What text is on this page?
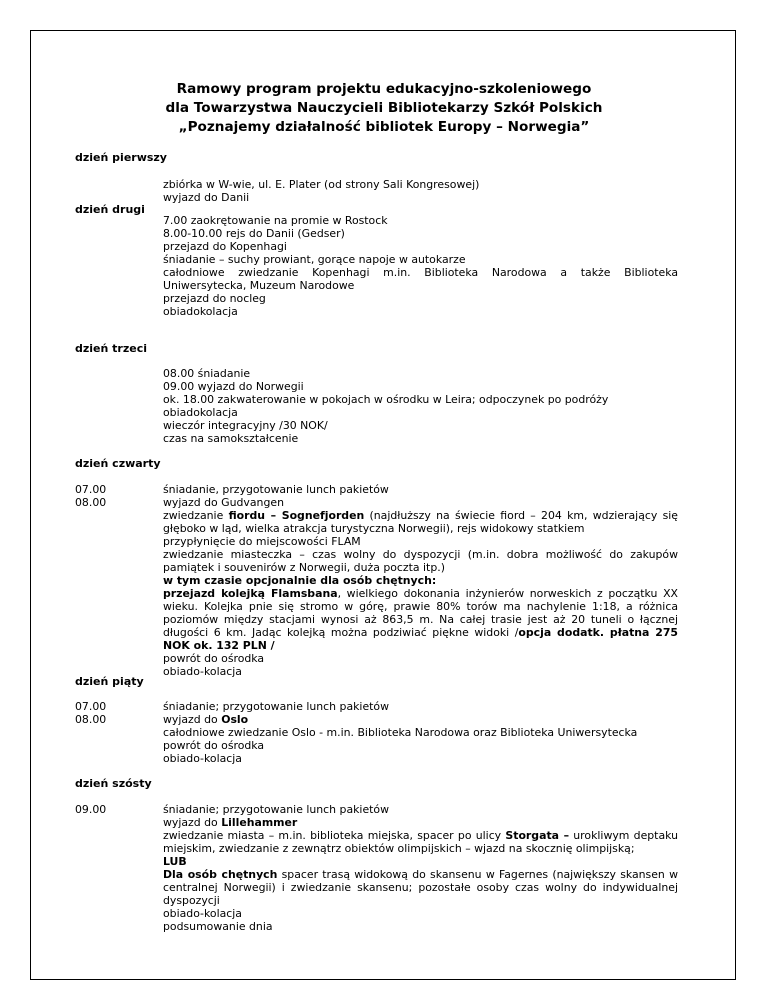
Ramowy program projektu edukacyjno-szkoleniowego
dla Towarzystwa Nauczycieli Bibliotekarzy Szkół Polskich
„Poznajemy działalność bibliotek Europy – Norwegia”
dzień pierwszy
zbiórka w W-wie, ul. E. Plater (od strony Sali Kongresowej)
wyjazd do Danii
dzień drugi
7.00 zaokrętowanie na promie w Rostock
8.00-10.00 rejs do Danii (Gedser)
przejazd do Kopenhagi
śniadanie – suchy prowiant, gorące napoje w autokarze
całodniowe zwiedzanie Kopenhagi m.in. Biblioteka Narodowa a także Biblioteka Uniwersytecka, Muzeum Narodowe
przejazd do nocleg
obiadokolacja
dzień trzeci
08.00 śniadanie
09.00 wyjazd do Norwegii
ok. 18.00 zakwaterowanie w pokojach w ośrodku w Leira; odpoczynek po podróży
obiadokolacja
wieczór integracyjny /30 NOK/
czas na samokształcenie
dzień czwarty
07.00
08.00
śniadanie, przygotowanie lunch pakietów
wyjazd do Gudvangen
zwiedzanie fiordu – Sognefjorden (najdłuższy na świecie fiord – 204 km, wdzierający się głęboko w ląd, wielka atrakcja turystyczna Norwegii), rejs widokowy statkiem
przypłynięcie do miejscowości FLAM
zwiedzanie miasteczka – czas wolny do dyspozycji (m.in. dobra możliwość do zakupów pamiątek i souvenirów z Norwegii, duża poczta itp.)
w tym czasie opcjonalnie dla osób chętnych:
przejazd kolejką Flamsbana, wielkiego dokonania inżynierów norweskich z początku XX wieku. Kolejka pnie się stromo w górę, prawie 80% torów ma nachylenie 1:18, a różnica poziomów między stacjami wynosi aż 863,5 m. Na całej trasie jest aż 20 tuneli o łącznej długości 6 km. Jadąc kolejką można podziwiać piękne widoki /opcja dodatk. płatna 275 NOK ok. 132 PLN /
powrót do ośrodka
obiado-kolacja
dzień piąty
07.00
08.00
śniadanie; przygotowanie lunch pakietów
wyjazd do Oslo
całodniowe zwiedzanie Oslo - m.in. Biblioteka Narodowa oraz Biblioteka Uniwersytecka
powrót do ośrodka
obiado-kolacja
dzień szósty
09.00	śniadanie; przygotowanie lunch pakietów
wyjazd do Lillehammer
zwiedzanie miasta – m.in. biblioteka miejska, spacer po ulicy Storgata – urokliwym deptaku miejskim, zwiedzanie z zewnątrz obiektów olimpijskich – wjazd na skocznię olimpijską;
LUB
Dla osób chętnych spacer trasą widokową do skansenu w Fagernes (największy skansen w centralnej Norwegii) i zwiedzanie skansenu; pozostałe osoby czas wolny do indywidualnej dyspozycji
obiado-kolacja
podsumowanie dnia
